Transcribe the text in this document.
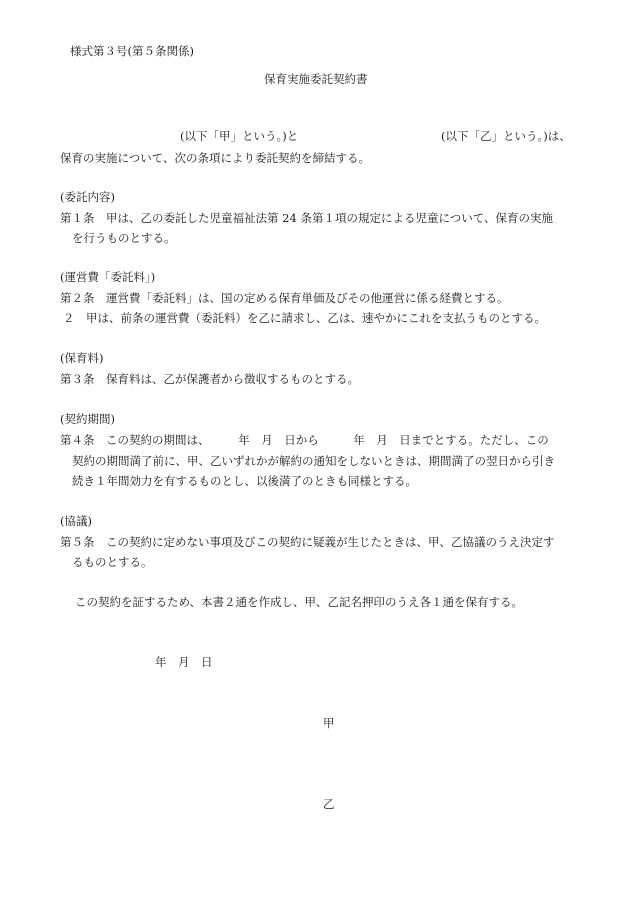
様式第３号(第５条関係)
保育実施委託契約書
(以下「甲」という。)と	(以下「乙」という。)は、
保育の実施について、次の条項により委託契約を締結する。
(委託内容)
第１条　甲は、乙の委託した児童福祉法第 24 条第１項の規定による児童について、保育の実施
を行うものとする。
(運営費「委託料」)
第２条　運営費「委託料」は、国の定める保育単価及びその他運営に係る経費とする。
２　甲は、前条の運営費（委託料）を乙に請求し、乙は、速やかにこれを支払うものとする。
(保育料)
第３条　保育料は、乙が保護者から徴収するものとする。
(契約期間)
第４条　この契約の期間は、　　　年　月　日から　　　年　月　日までとする。ただし、この
契約の期間満了前に、甲、乙いずれかが解約の通知をしないときは、期間満了の翌日から引き
続き１年間効力を有するものとし、以後満了のときも同様とする。
(協議)
第５条　この契約に定めない事項及びこの契約に疑義が生じたときは、甲、乙協議のうえ決定す
るものとする。
この契約を証するため、本書２通を作成し、甲、乙記名押印のうえ各１通を保有する。
年　月　日
甲
乙
